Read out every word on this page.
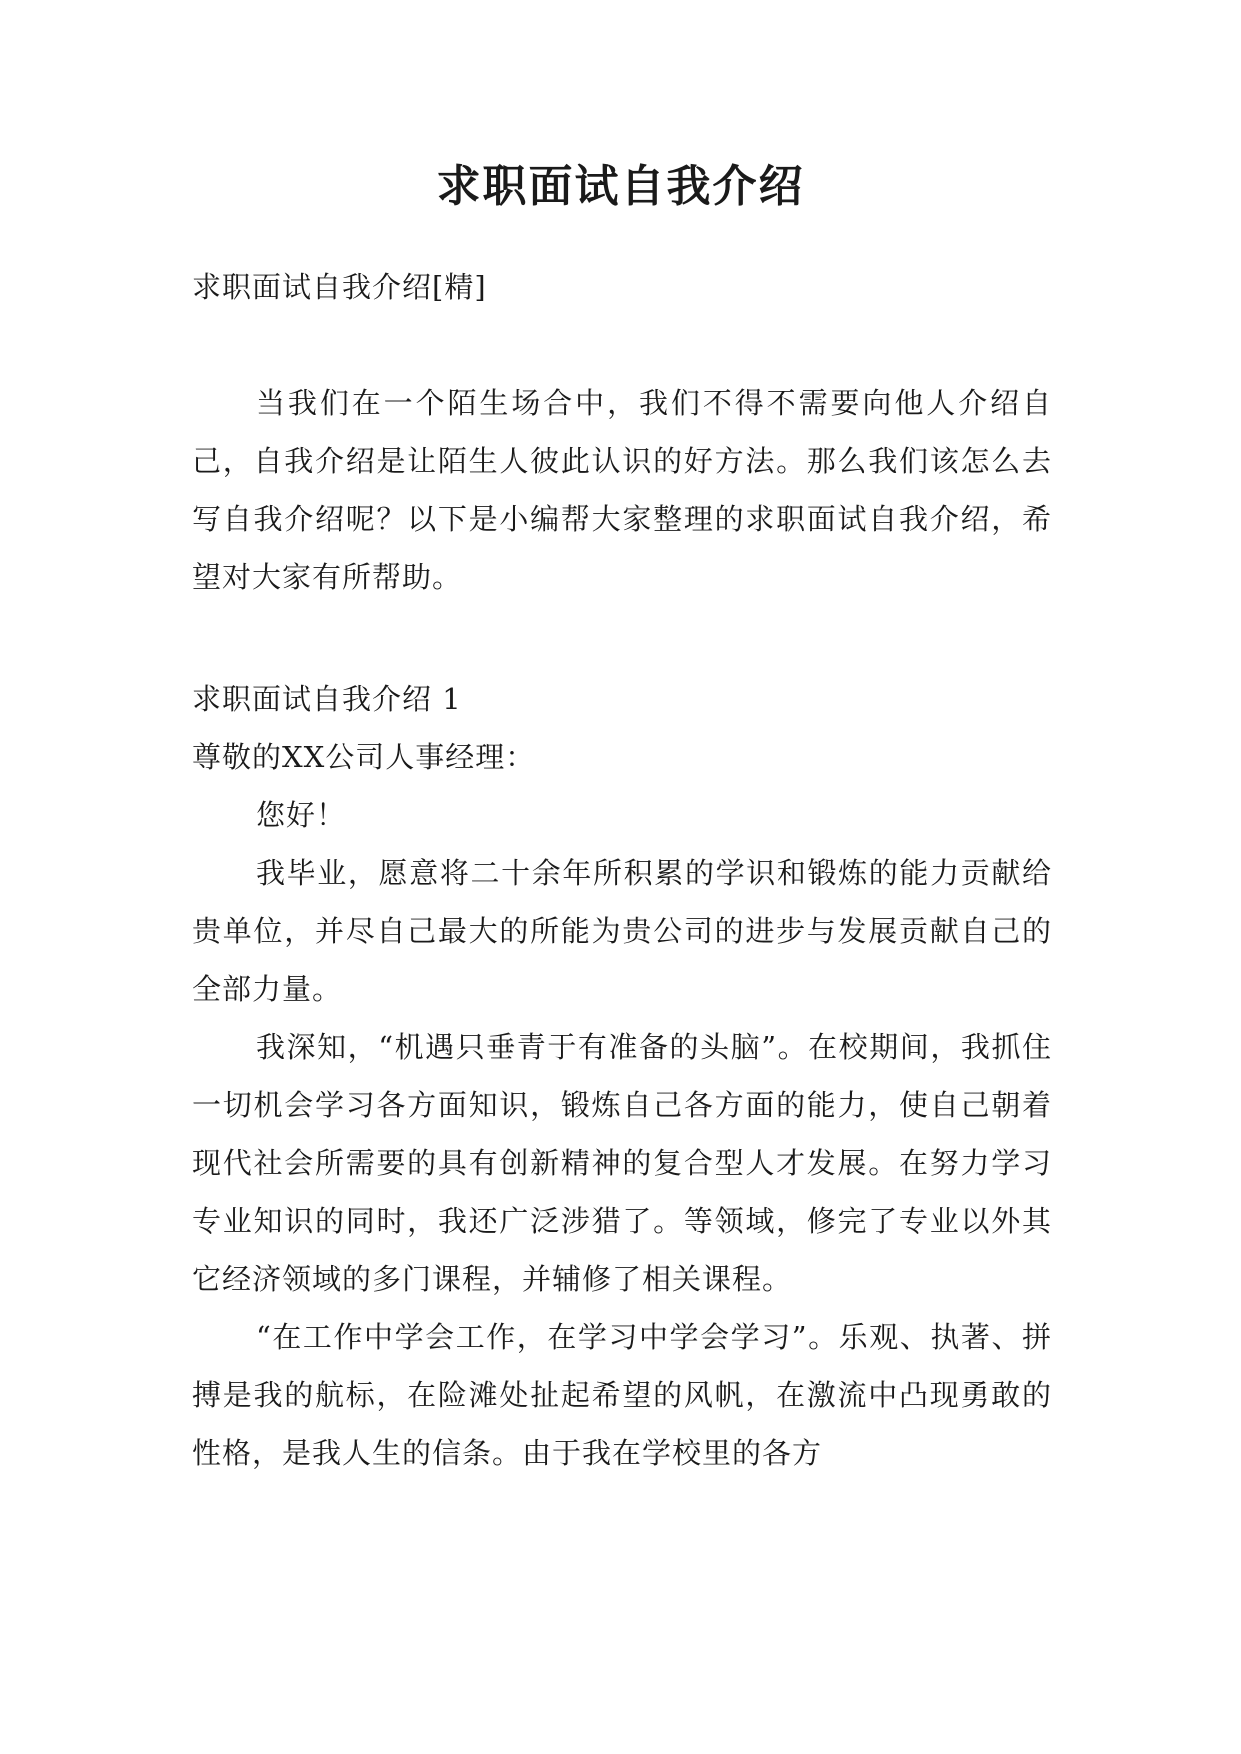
求职面试自我介绍

求职面试自我介绍[精]

当我们在一个陌生场合中，我们不得不需要向他人介绍自己，自我介绍是让陌生人彼此认识的好方法。那么我们该怎么去写自我介绍呢？以下是小编帮大家整理的求职面试自我介绍，希望对大家有所帮助。

求职面试自我介绍 1

尊敬的XX公司人事经理：

您好！

我毕业，愿意将二十余年所积累的学识和锻炼的能力贡献给贵单位，并尽自己最大的所能为贵公司的进步与发展贡献自己的全部力量。

我深知，“机遇只垂青于有准备的头脑”。在校期间，我抓住一切机会学习各方面知识，锻炼自己各方面的能力，使自己朝着现代社会所需要的具有创新精神的复合型人才发展。在努力学习专业知识的同时，我还广泛涉猎了。等领域，修完了专业以外其它经济领域的多门课程，并辅修了相关课程。

“在工作中学会工作，在学习中学会学习”。乐观、执著、拼搏是我的航标，在险滩处扯起希望的风帆，在激流中凸现勇敢的性格，是我人生的信条。由于我在学校里的各方
